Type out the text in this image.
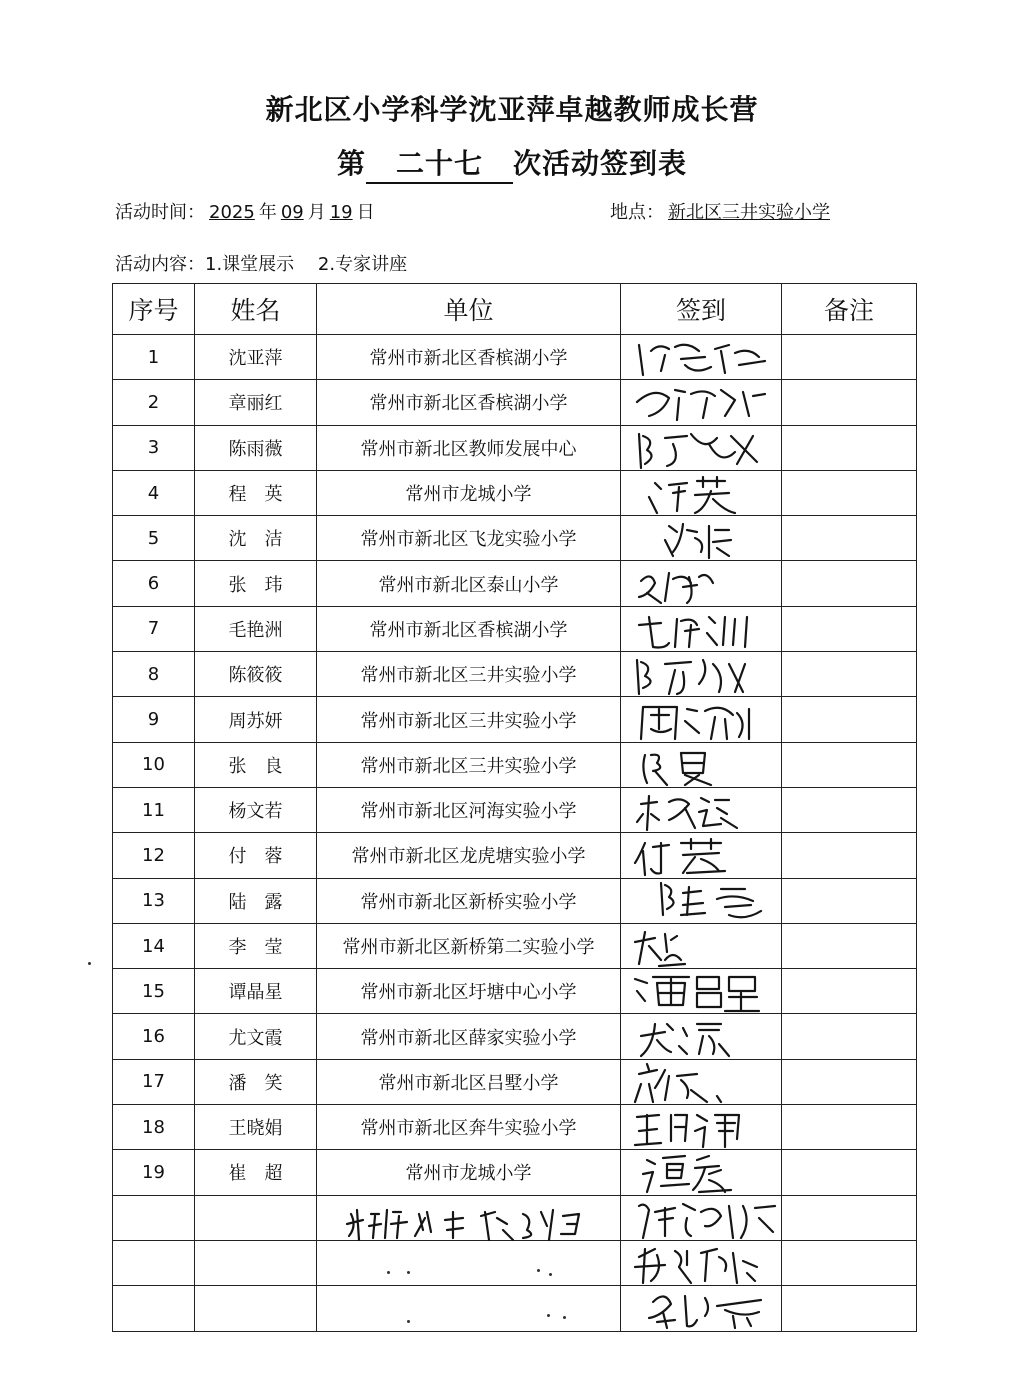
新北区小学科学沈亚萍卓越教师成长营
第 二十七 次活动签到表
活动时间： 2025 年 09 月 19 日	地点： 新北区三井实验小学
活动内容：1.课堂展示　 2.专家讲座
序号	姓名	单位	签到	备注
1	沈亚萍	常州市新北区香槟湖小学	

2	章丽红	常州市新北区香槟湖小学	

3	陈雨薇	常州市新北区教师发展中心	

4	程　英	常州市龙城小学	

5	沈　洁	常州市新北区飞龙实验小学	

6	张　玮	常州市新北区泰山小学	

7	毛艳洲	常州市新北区香槟湖小学	

8	陈筱筱	常州市新北区三井实验小学	

9	周苏妍	常州市新北区三井实验小学	

10	张　良	常州市新北区三井实验小学	

11	杨文若	常州市新北区河海实验小学	

12	付　蓉	常州市新北区龙虎塘实验小学	

13	陆　露	常州市新北区新桥实验小学	

14	李　莹	常州市新北区新桥第二实验小学	

15	谭晶星	常州市新北区圩塘中心小学	

16	尤文霞	常州市新北区薛家实验小学	

17	潘　笑	常州市新北区吕墅小学	

18	王晓娟	常州市新北区奔牛实验小学	

19	崔　超	常州市龙城小学	
